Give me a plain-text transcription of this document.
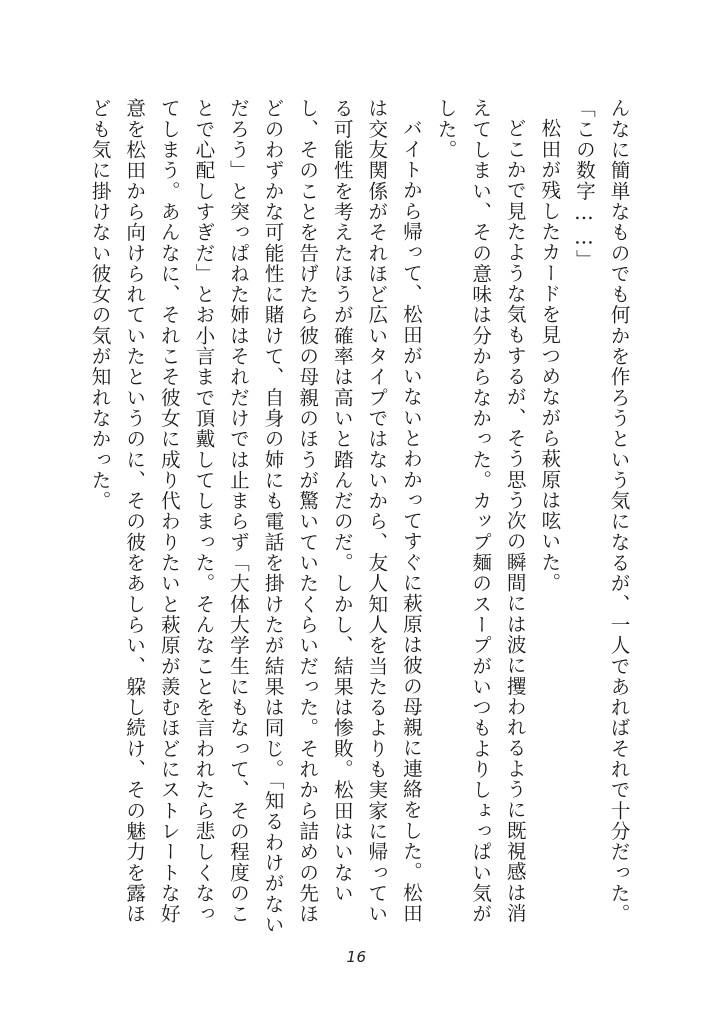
んなに簡単なものでも何かを作ろうという気になるが、一人であればそれで十分だった。

「この数字……」

松田が残したカードを見つめながら萩原は呟いた。

どこかで見たような気もするが、そう思う次の瞬間には波に攫われるように既視感は消えてしまい、その意味は分からなかった。カップ麺のスープがいつもよりしょっぱい気がした。

バイトから帰って、松田がいないとわかってすぐに萩原は彼の母親に連絡をした。松田は交友関係がそれほど広いタイプではないから、友人知人を当たるよりも実家に帰っている可能性を考えたほうが確率は高いと踏んだのだ。しかし、結果は惨敗。松田はいないし、そのことを告げたら彼の母親のほうが驚いていたくらいだった。それから詰めの先ほどのわずかな可能性に賭けて、自身の姉にも電話を掛けたが結果は同じ。「知るわけがないだろう」と突っぱねた姉はそれだけでは止まらず「大体大学生にもなって、その程度のことで心配しすぎだ」とお小言まで頂戴してしまった。そんなことを言われたら悲しくなってしまう。あんなに、それこそ彼女に成り代わりたいと萩原が羨むほどにストレートな好意を松田から向けられていたというのに、その彼をあしらい、躱し続け、その魅力を露ほども気に掛けない彼女の気が知れなかった。

16
